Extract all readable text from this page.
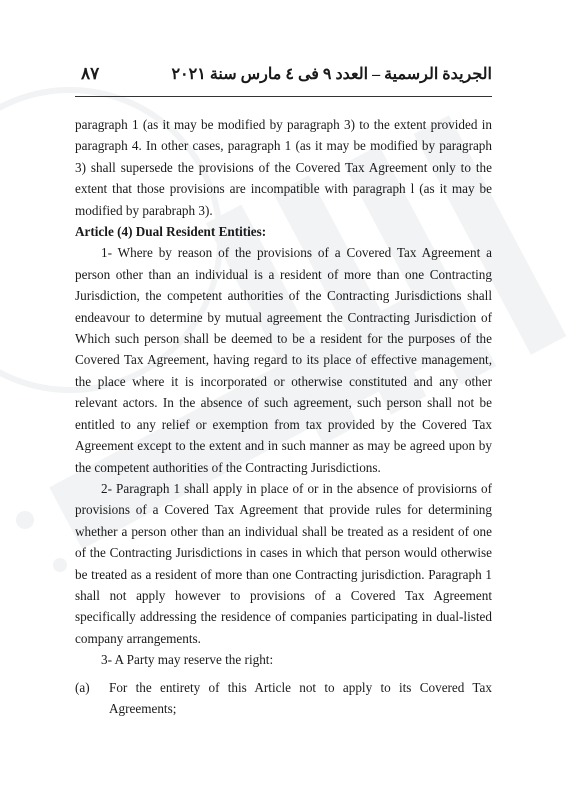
٨٧	الجريدة الرسمية – العدد ٩ فى ٤ مارس سنة ٢٠٢١

paragraph 1 (as it may be modified by paragraph 3) to the extent provided in paragraph 4. In other cases, paragraph 1 (as it may be modified by paragraph 3) shall supersede the provisions of the Covered Tax Agreement only to the extent that those provisions are incompatible with paragraph l (as it may be modified by parabraph 3).

Article (4) Dual Resident Entities:

1- Where by reason of the provisions of a Covered Tax Agreement a person other than an individual is a resident of more than one Contracting Jurisdiction, the competent authorities of the Contracting Jurisdictions shall endeavour to determine by mutual agreement the Contracting Jurisdiction of Which such person shall be deemed to be a resident for the purposes of the Covered Tax Agreement, having regard to its place of effective management, the place where it is incorporated or otherwise constituted and any other relevant actors. In the absence of such agreement, such person shall not be entitled to any relief or exemption from tax provided by the Covered Tax Agreement except to the extent and in such manner as may be agreed upon by the competent authorities of the Contracting Jurisdictions.

2- Paragraph 1 shall apply in place of or in the absence of provisiorns of provisions of a Covered Tax Agreement that provide rules for determining whether a person other than an individual shall be treated as a resident of one of the Contracting Jurisdictions in cases in which that person would otherwise be treated as a resident of more than one Contracting jurisdiction. Paragraph 1 shall not apply however to provisions of a Covered Tax Agreement specifically addressing the residence of companies participating in dual-listed company arrangements.

3- A Party may reserve the right:

(a)	For the entirety of this Article not to apply to its Covered Tax Agreements;
